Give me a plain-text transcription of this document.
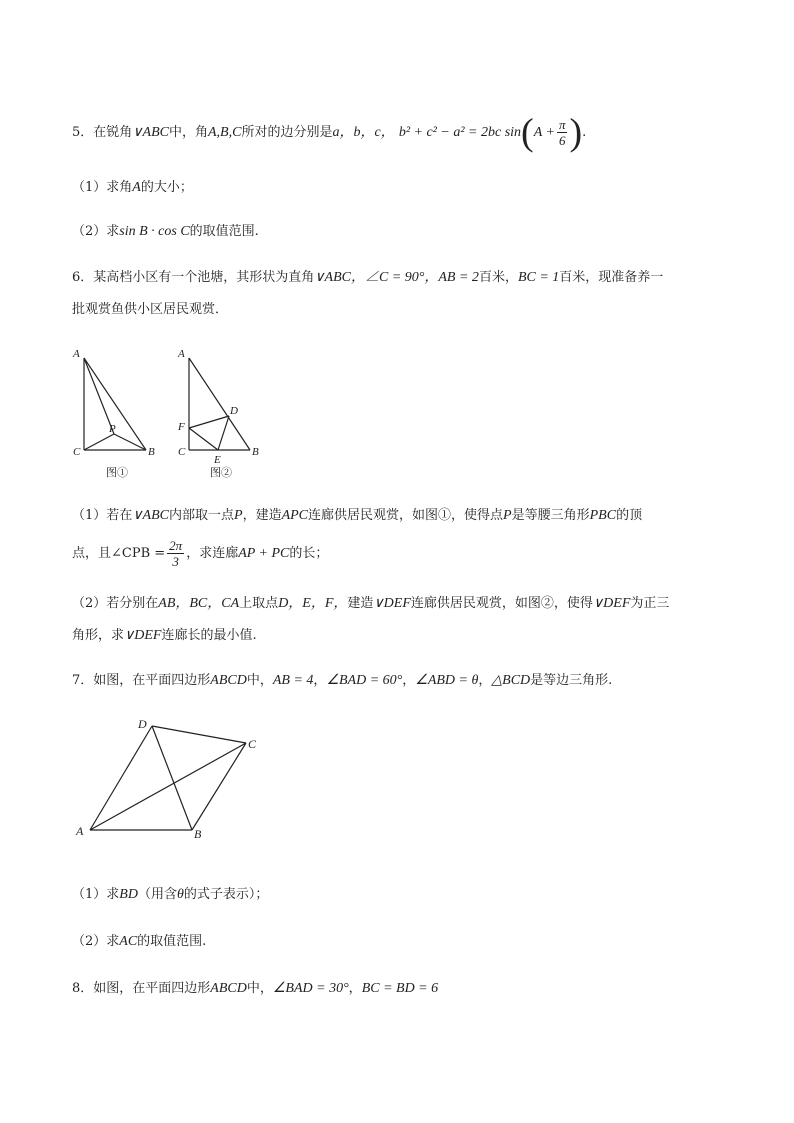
5．在锐角∨ABC中，角A,B,C所对的边分别是a，b，c， b² + c² − a² = 2bc $\sin(A + \frac{\pi}{6}$ ).
（1）求角A的大小；
（2）求sin B · cos C的取值范围.
6．某高档小区有一个池塘，其形状为直角∨ABC，∠C = 90°，AB = 2百米，BC = 1百米，现准备养一
批观赏鱼供小区居民观赏．
A
C	B
P
图①
A
D
F
C
E
B
图②
（1）若在∨ABC内部取一点P，建造APC连廊供居民观赏，如图①，使得点P是等腰三角形PBC的顶
点，且∠CPB = $\frac{2\pi}{3}$ ，求连廊AP + PC的长；
（2）若分别在AB，BC，CA上取点D，E，F，建造∨DEF连廊供居民观赏，如图②，使得∨DEF为正三
角形，求∨DEF连廊长的最小值.
7．如图，在平面四边形ABCD中，AB = 4，∠BAD = 60°，∠ABD = θ，△BCD是等边三角形.
A	B
C
D
（1）求BD（用含θ的式子表示）；
（2）求AC的取值范围.
8．如图，在平面四边形ABCD中，∠BAD = 30°，BC = BD = 6
